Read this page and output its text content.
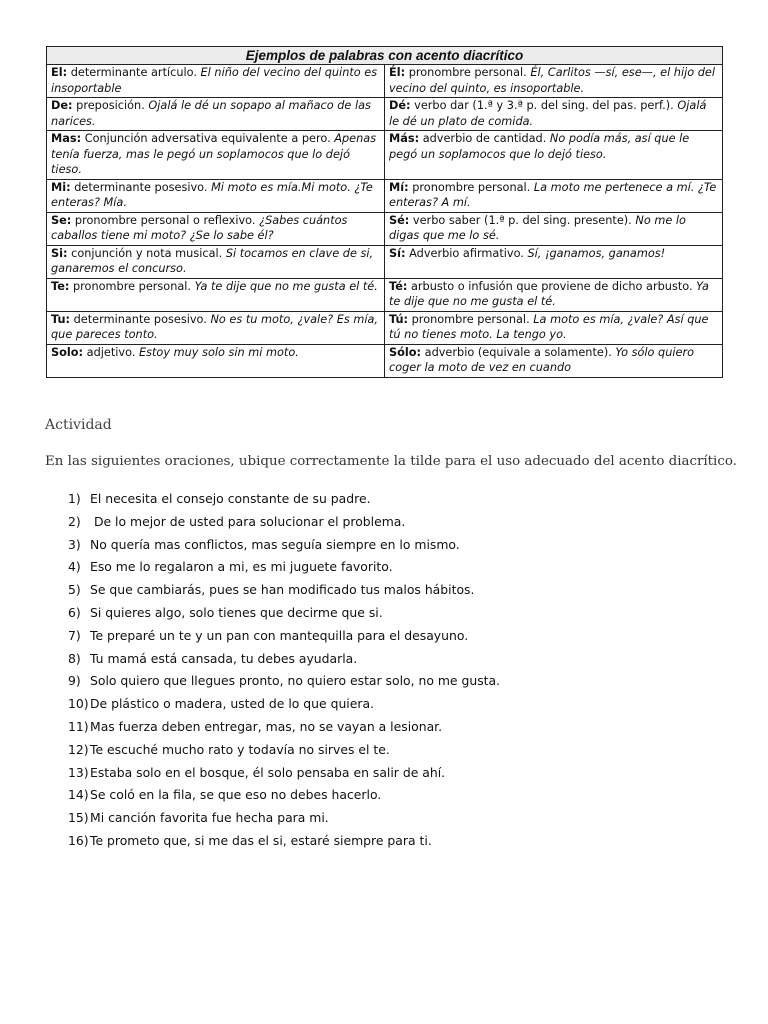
Ejemplos de palabras con acento diacrítico	
El: determinante artículo. El niño del vecino del quinto es insoportable	Él: pronombre personal. Él, Carlitos —sí, ese—, el hijo del vecino del quinto, es insoportable.
De: preposición. Ojalá le dé un sopapo al mañaco de las narices.	Dé: verbo dar (1.ª y 3.ª p. del sing. del pas. perf.). Ojalá le dé un plato de comida.
Mas: Conjunción adversativa equivalente a pero. Apenas tenía fuerza, mas le pegó un soplamocos que lo dejó tieso.	Más: adverbio de cantidad. No podía más, así que le pegó un soplamocos que lo dejó tieso.
Mi: determinante posesivo. Mi moto es mía.Mi moto. ¿Te enteras? Mía.	Mí: pronombre personal. La moto me pertenece a mí. ¿Te enteras? A mí.
Se: pronombre personal o reflexivo. ¿Sabes cuántos caballos tiene mi moto? ¿Se lo sabe él?	Sé: verbo saber (1.ª p. del sing. presente). No me lo digas que me lo sé.
Si: conjunción y nota musical. Si tocamos en clave de si, ganaremos el concurso.	Sí: Adverbio afirmativo. Sí, ¡ganamos, ganamos!
Te: pronombre personal. Ya te dije que no me gusta el té.	Té: arbusto o infusión que proviene de dicho arbusto. Ya te dije que no me gusta el té.
Tu: determinante posesivo. No es tu moto, ¿vale? Es mía, que pareces tonto.	Tú: pronombre personal. La moto es mía, ¿vale? Así que tú no tienes moto. La tengo yo.
Solo: adjetivo. Estoy muy solo sin mi moto.	Sólo: adverbio (equivale a solamente). Yo sólo quiero coger la moto de vez en cuando
Actividad
En las siguientes oraciones, ubique correctamente la tilde para el uso adecuado del acento diacrítico.
1) El necesita el consejo constante de su padre.
2) De lo mejor de usted para solucionar el problema.
3) No quería mas conflictos, mas seguía siempre en lo mismo.
4) Eso me lo regalaron a mi, es mi juguete favorito.
5) Se que cambiarás, pues se han modificado tus malos hábitos.
6) Si quieres algo, solo tienes que decirme que si.
7) Te preparé un te y un pan con mantequilla para el desayuno.
8) Tu mamá está cansada, tu debes ayudarla.
9) Solo quiero que llegues pronto, no quiero estar solo, no me gusta.
10)De plástico o madera, usted de lo que quiera.
11)Mas fuerza deben entregar, mas, no se vayan a lesionar.
12)Te escuché mucho rato y todavía no sirves el te.
13)Estaba solo en el bosque, él solo pensaba en salir de ahí.
14)Se coló en la fila, se que eso no debes hacerlo.
15)Mi canción favorita fue hecha para mi.
16)Te prometo que, si me das el si, estaré siempre para ti.
